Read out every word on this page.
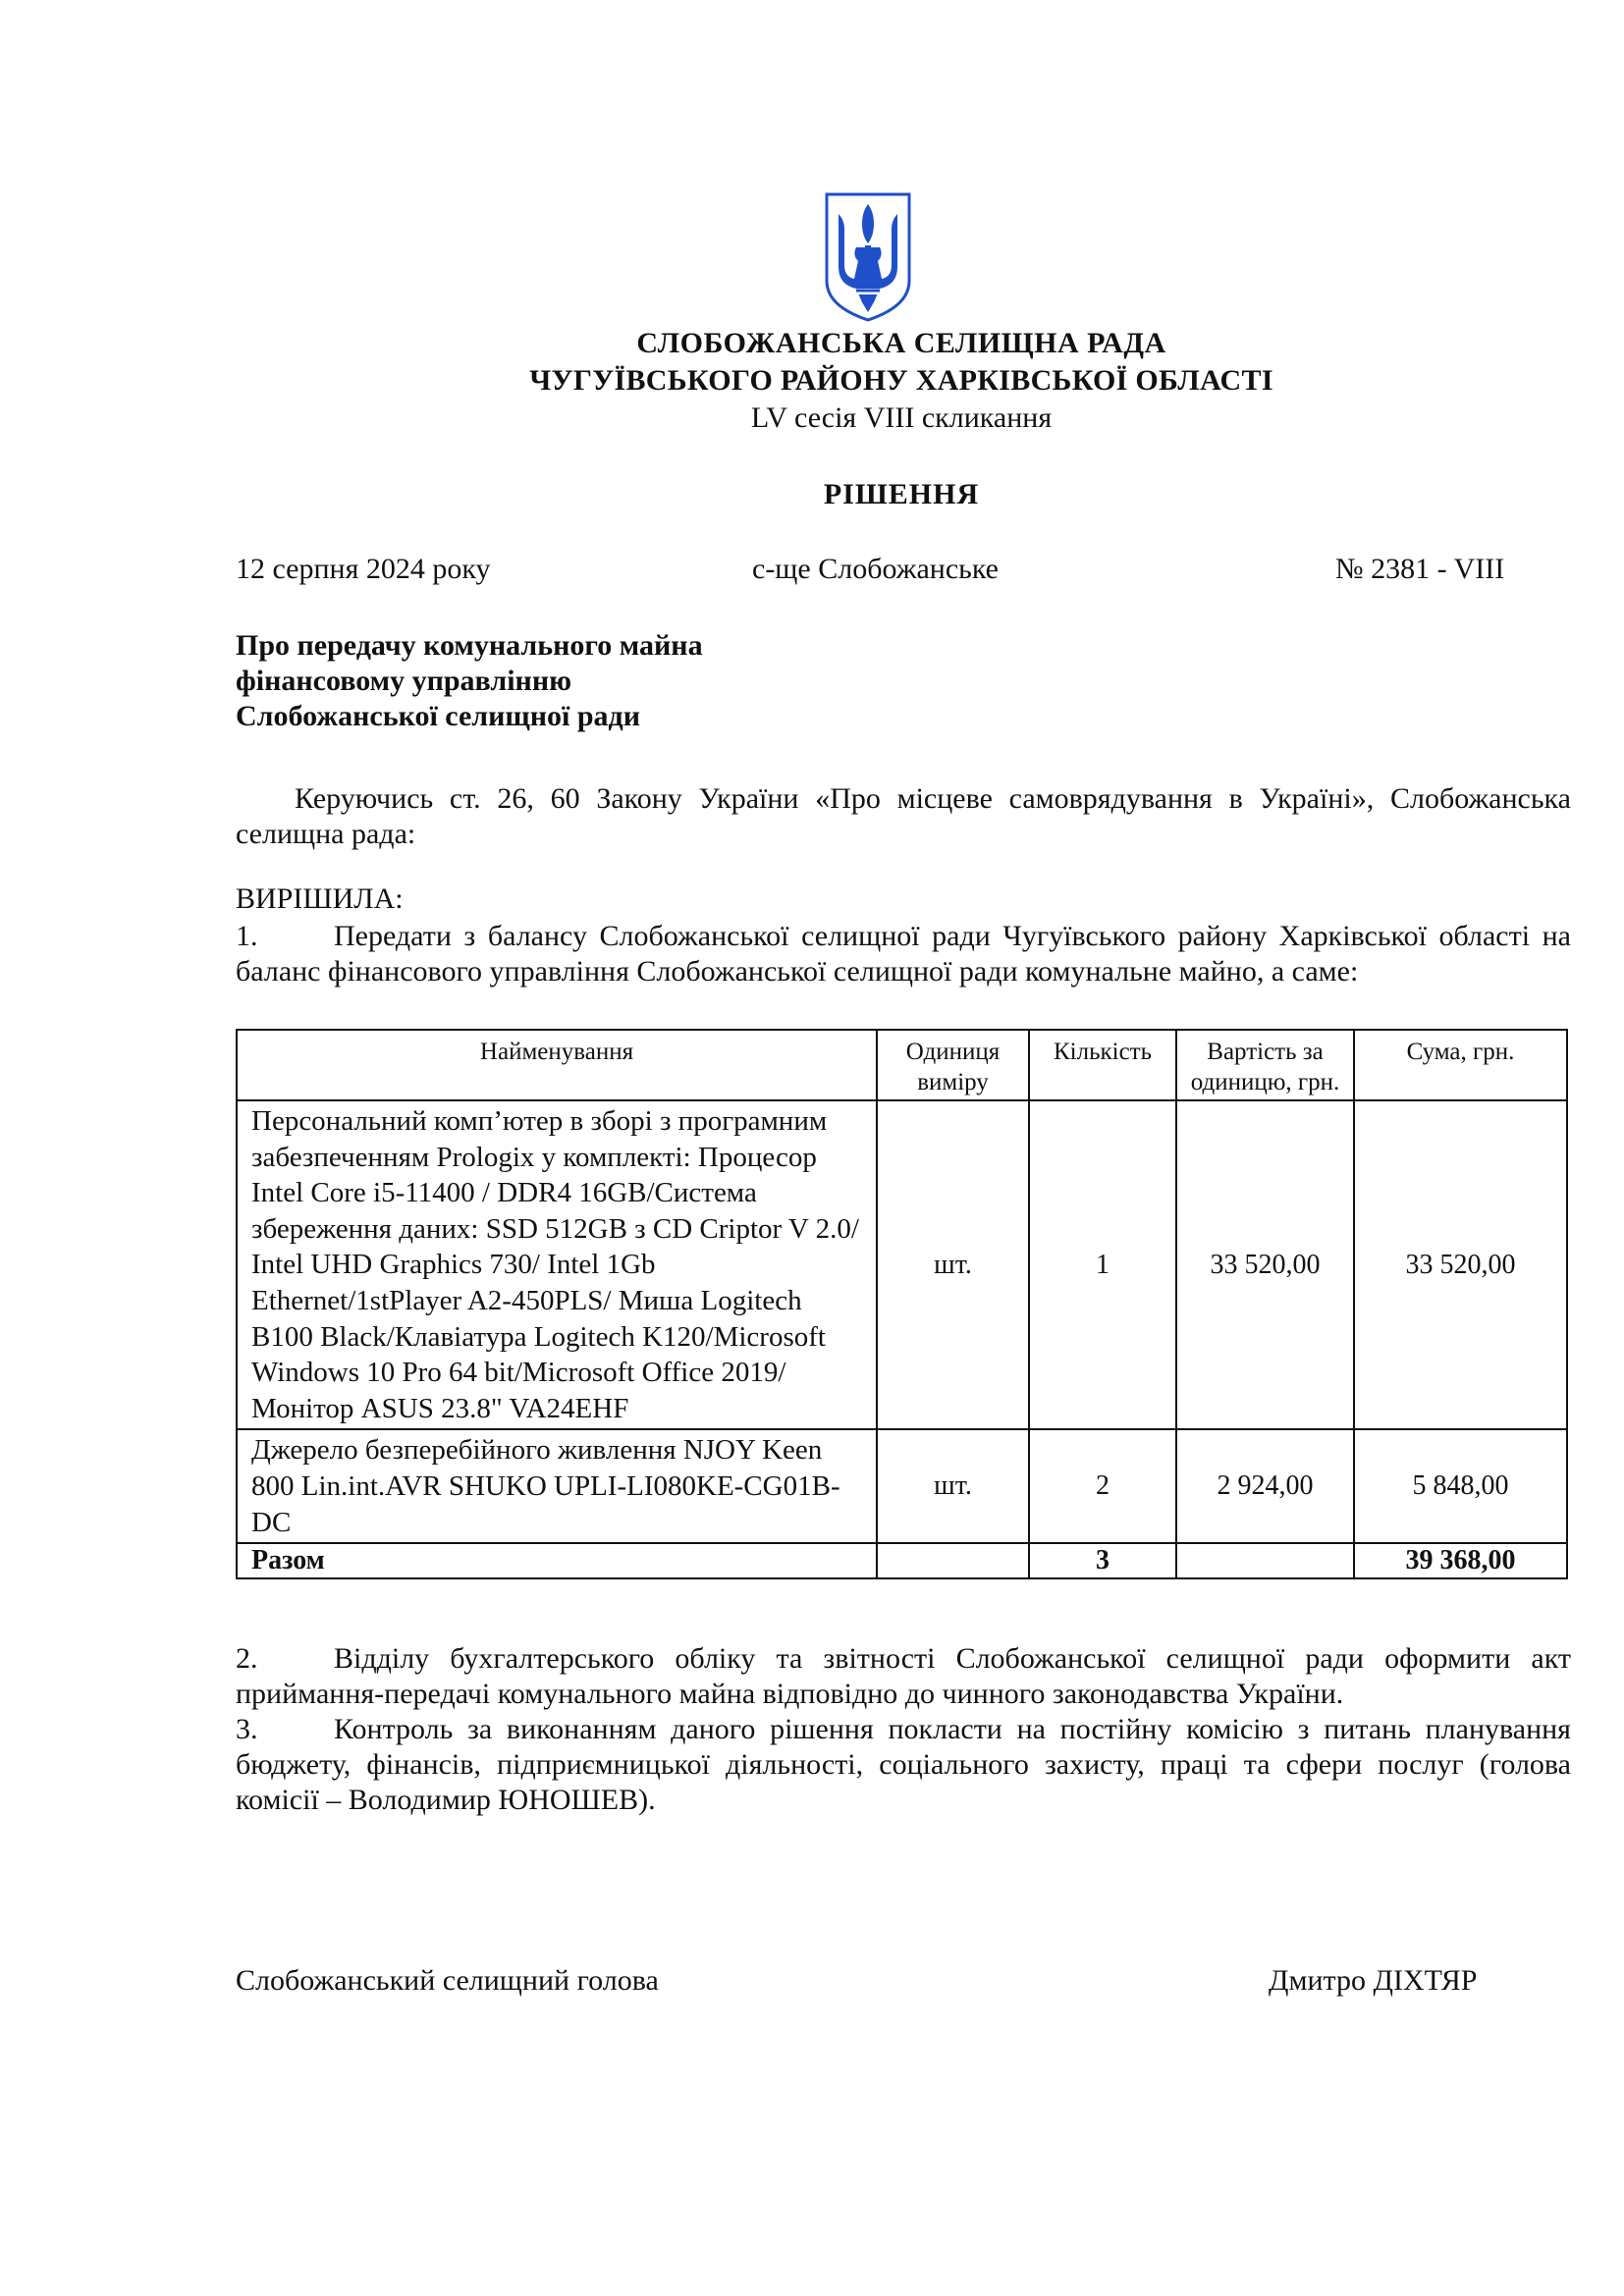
СЛОБОЖАНСЬКА СЕЛИЩНА РАДА
ЧУГУЇВСЬКОГО РАЙОНУ ХАРКІВСЬКОЇ ОБЛАСТІ
LV сесія VIII скликання
РІШЕННЯ
12 серпня 2024 року	с-ще Слобожанське	№ 2381 - VIII
Про передачу комунального майна
фінансовому управлінню
Слобожанської селищної ради
Керуючись ст. 26, 60 Закону України «Про місцеве самоврядування в Україні», Слобожанська селищна рада:
ВИРІШИЛА:
1.	Передати з балансу Слобожанської селищної ради Чугуївського району Харківської області на баланс фінансового управління Слобожанської селищної ради комунальне майно, а саме:
Найменування	Одиниця виміру	Кількість	Вартість за одиницю, грн.	Сума, грн.
Персональний комп’ютер в зборі з програмним забезпеченням Prologix у комплекті: Процесор Intel Core i5-11400 / DDR4 16GB/Система збереження даних: SSD 512GB з CD Criptor V 2.0/ Intel UHD Graphics 730/ Intel 1Gb Ethernet/1stPlayer A2-450PLS/ Миша Logitech B100 Black/Клавіатура Logitech K120/Microsoft Windows 10 Pro 64 bit/Microsoft Office 2019/ Монітор ASUS 23.8" VA24EHF	шт.	1	33 520,00	33 520,00
Джерело безперебійного живлення NJOY Keen 800 Lin.int.AVR SHUKO UPLI-LI080KE-CG01B-DC	шт.	2	2 924,00	5 848,00
Разом		3		39 368,00
2.	Відділу бухгалтерського обліку та звітності Слобожанської селищної ради оформити акт приймання-передачі комунального майна відповідно до чинного законодавства України.
3.	Контроль за виконанням даного рішення покласти на постійну комісію з питань планування бюджету, фінансів, підприємницької діяльності, соціального захисту, праці та сфери послуг (голова комісії – Володимир ЮНОШЕВ).
Слобожанський селищний голова	Дмитро ДІХТЯР
